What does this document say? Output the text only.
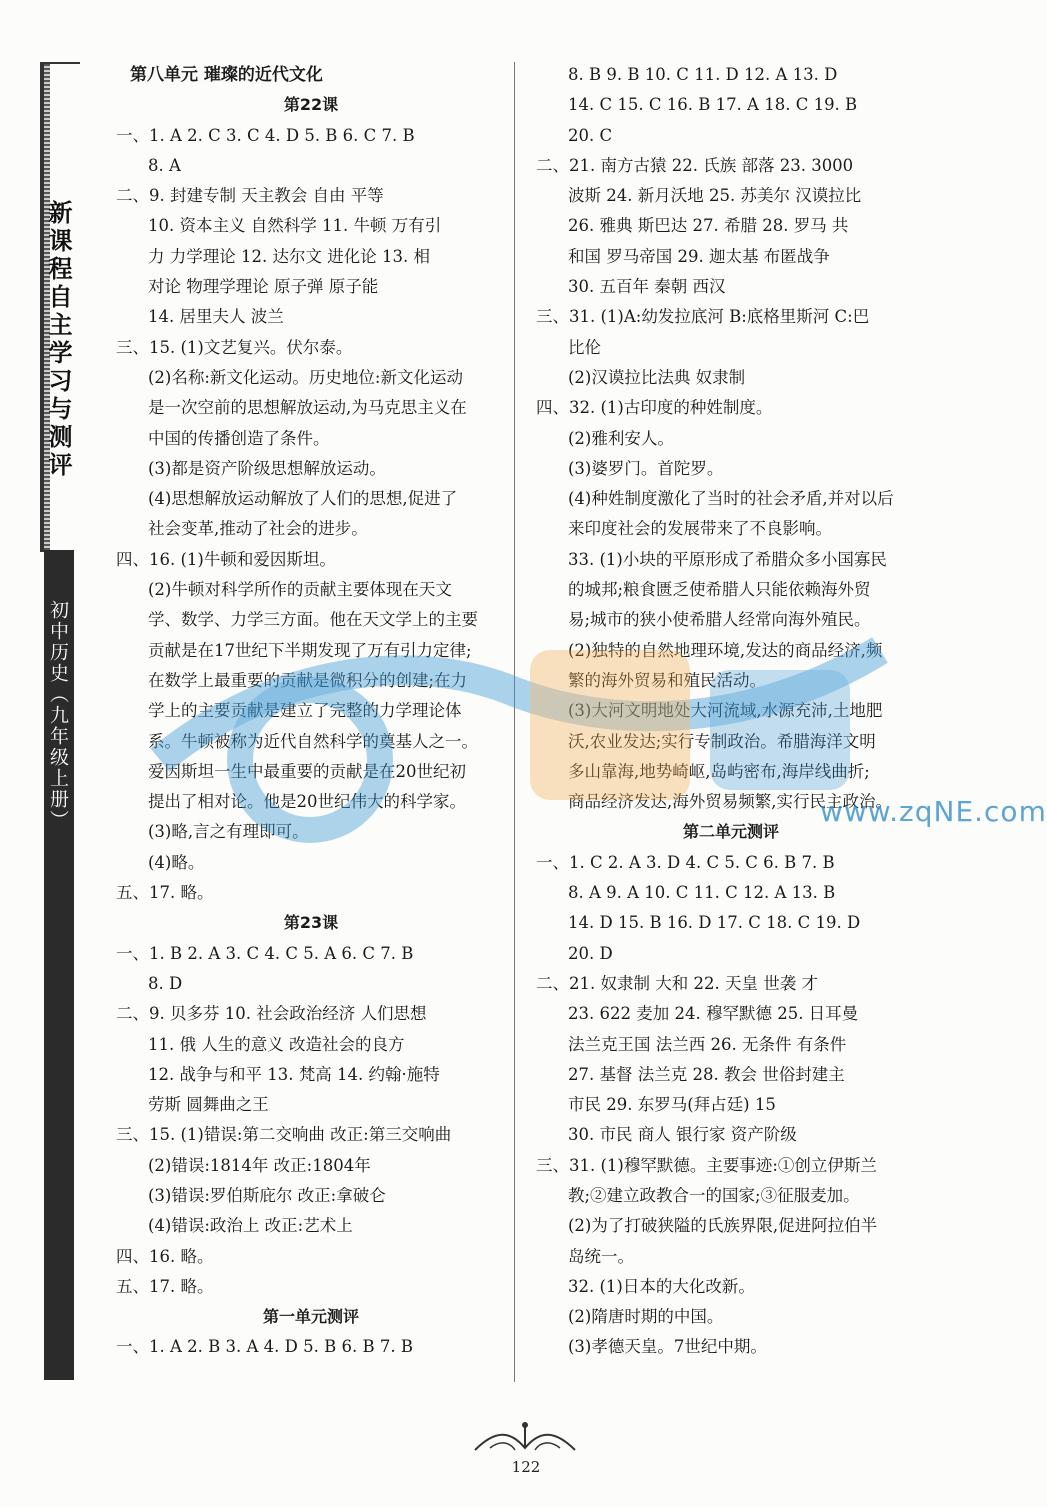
新课程自主学习与测评
初中历史（九年级上册）
第八单元 璀璨的近代文化
第22课
一、1. A 2. C 3. C 4. D 5. B 6. C 7. B
8. A
二、9. 封建专制 天主教会 自由 平等
10. 资本主义 自然科学 11. 牛顿 万有引
力 力学理论 12. 达尔文 进化论 13. 相
对论 物理学理论 原子弹 原子能
14. 居里夫人 波兰
三、15. (1)文艺复兴。伏尔泰。
(2)名称:新文化运动。历史地位:新文化运动
是一次空前的思想解放运动,为马克思主义在
中国的传播创造了条件。
(3)都是资产阶级思想解放运动。
(4)思想解放运动解放了人们的思想,促进了
社会变革,推动了社会的进步。
四、16. (1)牛顿和爱因斯坦。
(2)牛顿对科学所作的贡献主要体现在天文
学、数学、力学三方面。他在天文学上的主要
贡献是在17世纪下半期发现了万有引力定律;
在数学上最重要的贡献是微积分的创建;在力
学上的主要贡献是建立了完整的力学理论体
系。牛顿被称为近代自然科学的奠基人之一。
爱因斯坦一生中最重要的贡献是在20世纪初
提出了相对论。他是20世纪伟大的科学家。
(3)略,言之有理即可。
(4)略。
五、17. 略。
第23课
一、1. B 2. A 3. C 4. C 5. A 6. C 7. B
8. D
二、9. 贝多芬 10. 社会政治经济 人们思想
11. 俄 人生的意义 改造社会的良方
12. 战争与和平 13. 梵高 14. 约翰·施特
劳斯 圆舞曲之王
三、15. (1)错误:第二交响曲 改正:第三交响曲
(2)错误:1814年 改正:1804年
(3)错误:罗伯斯庇尔 改正:拿破仑
(4)错误:政治上 改正:艺术上
四、16. 略。
五、17. 略。
第一单元测评
一、1. A 2. B 3. A 4. D 5. B 6. B 7. B
8. B 9. B 10. C 11. D 12. A 13. D
14. C 15. C 16. B 17. A 18. C 19. B
20. C
二、21. 南方古猿 22. 氏族 部落 23. 3000
波斯 24. 新月沃地 25. 苏美尔 汉谟拉比
26. 雅典 斯巴达 27. 希腊 28. 罗马 共
和国 罗马帝国 29. 迦太基 布匿战争
30. 五百年 秦朝 西汉
三、31. (1)A:幼发拉底河 B:底格里斯河 C:巴
比伦
(2)汉谟拉比法典 奴隶制
四、32. (1)古印度的种姓制度。
(2)雅利安人。
(3)婆罗门。首陀罗。
(4)种姓制度激化了当时的社会矛盾,并对以后
来印度社会的发展带来了不良影响。
33. (1)小块的平原形成了希腊众多小国寡民
的城邦;粮食匮乏使希腊人只能依赖海外贸
易;城市的狭小使希腊人经常向海外殖民。
(2)独特的自然地理环境,发达的商品经济,频
繁的海外贸易和殖民活动。
(3)大河文明地处大河流域,水源充沛,土地肥
沃,农业发达;实行专制政治。希腊海洋文明
多山靠海,地势崎岖,岛屿密布,海岸线曲折;
商品经济发达,海外贸易频繁,实行民主政治。
第二单元测评
一、1. C 2. A 3. D 4. C 5. C 6. B 7. B
8. A 9. A 10. C 11. C 12. A 13. B
14. D 15. B 16. D 17. C 18. C 19. D
20. D
二、21. 奴隶制 大和 22. 天皇 世袭 才
23. 622 麦加 24. 穆罕默德 25. 日耳曼
法兰克王国 法兰西 26. 无条件 有条件
27. 基督 法兰克 28. 教会 世俗封建主
市民 29. 东罗马(拜占廷) 15
30. 市民 商人 银行家 资产阶级
三、31. (1)穆罕默德。主要事迹:①创立伊斯兰
教;②建立政教合一的国家;③征服麦加。
(2)为了打破狭隘的氏族界限,促进阿拉伯半
岛统一。
32. (1)日本的大化改新。
(2)隋唐时期的中国。
(3)孝德天皇。7世纪中期。
www.zqNE.com
122
